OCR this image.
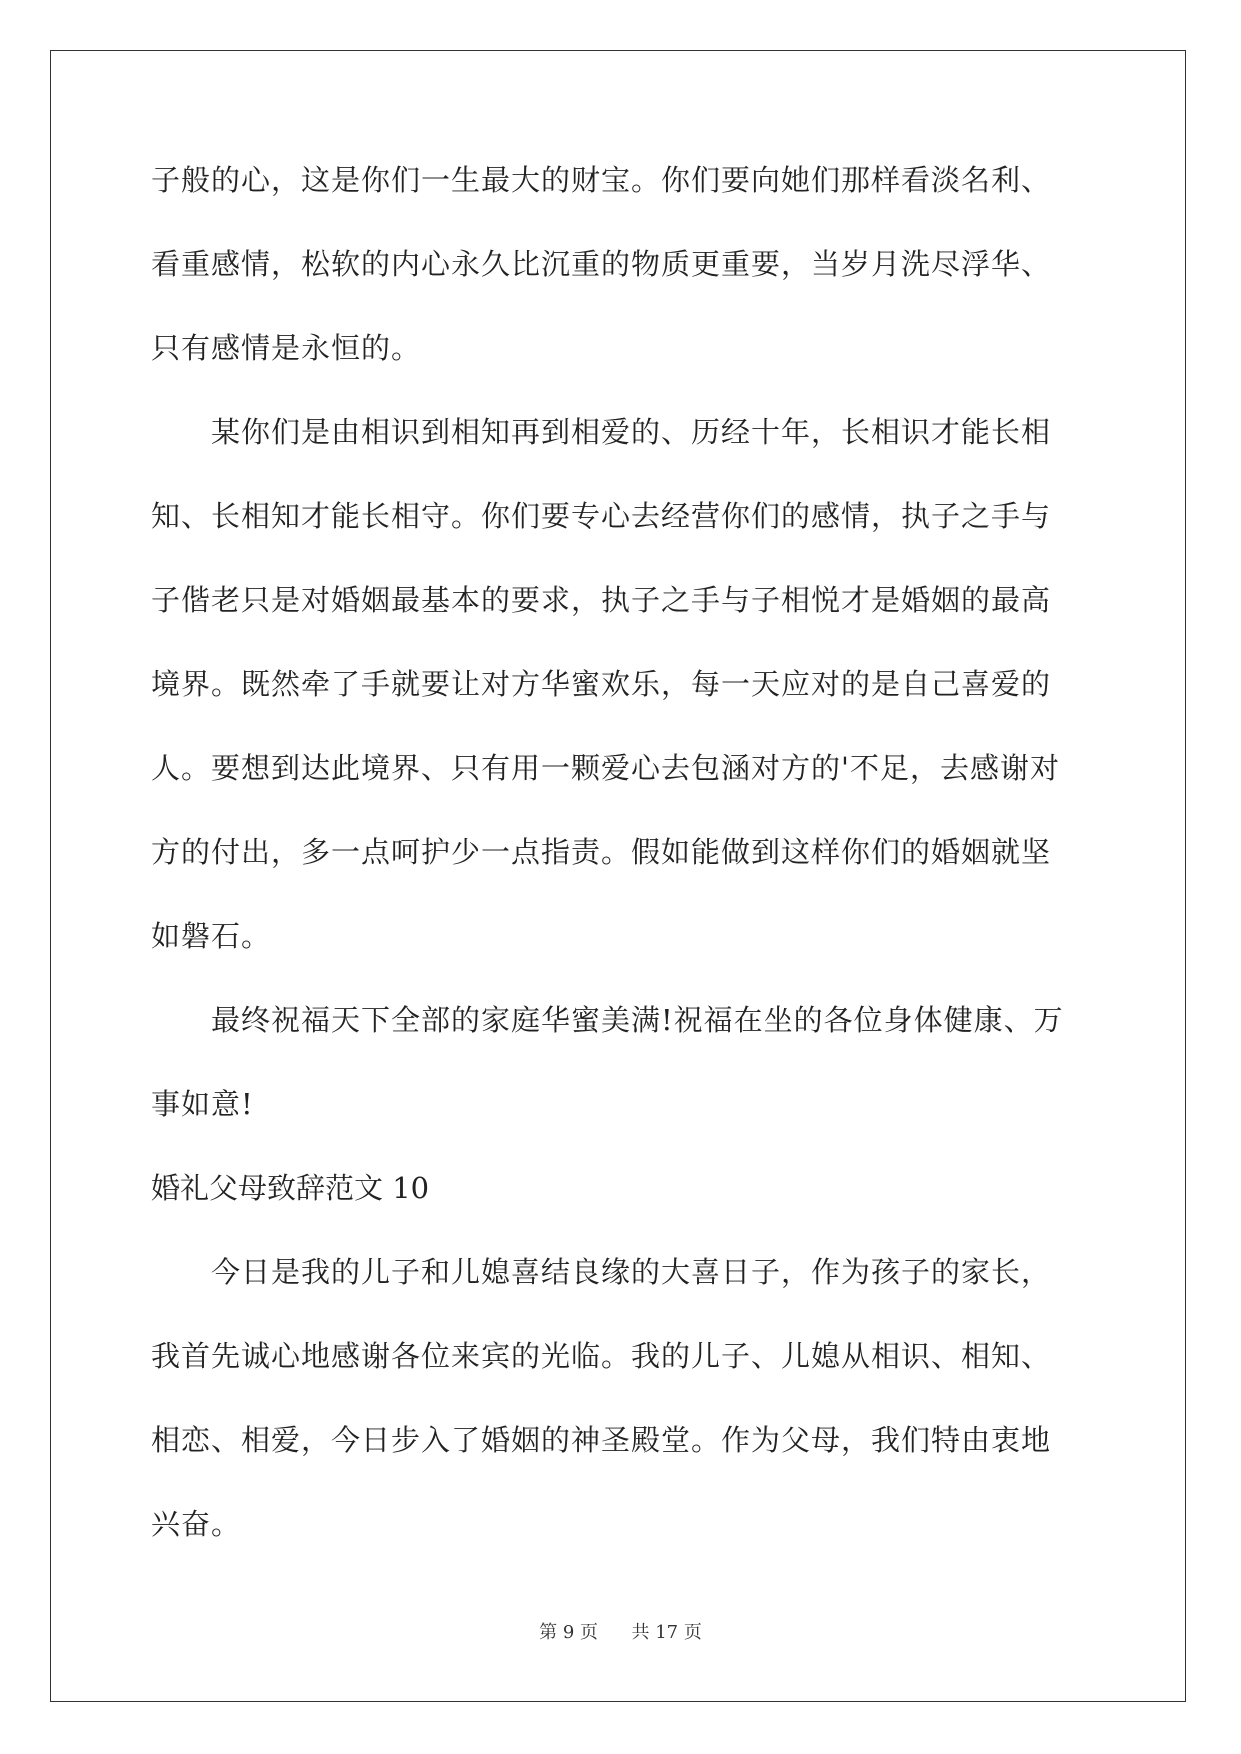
子般的心，这是你们一生最大的财宝。你们要向她们那样看淡名利、
看重感情，松软的内心永久比沉重的物质更重要，当岁月洗尽浮华、
只有感情是永恒的。
　　某你们是由相识到相知再到相爱的、历经十年，长相识才能长相
知、长相知才能长相守。你们要专心去经营你们的感情，执子之手与
子偕老只是对婚姻最基本的要求，执子之手与子相悦才是婚姻的最高
境界。既然牵了手就要让对方华蜜欢乐，每一天应对的是自己喜爱的
人。要想到达此境界、只有用一颗爱心去包涵对方的'不足，去感谢对
方的付出，多一点呵护少一点指责。假如能做到这样你们的婚姻就坚
如磐石。
　　最终祝福天下全部的家庭华蜜美满!祝福在坐的各位身体健康、万
事如意!
婚礼父母致辞范文 10
　　今日是我的儿子和儿媳喜结良缘的大喜日子，作为孩子的家长，
我首先诚心地感谢各位来宾的光临。我的儿子、儿媳从相识、相知、
相恋、相爱，今日步入了婚姻的神圣殿堂。作为父母，我们特由衷地
兴奋。
第 9 页 共 17 页
